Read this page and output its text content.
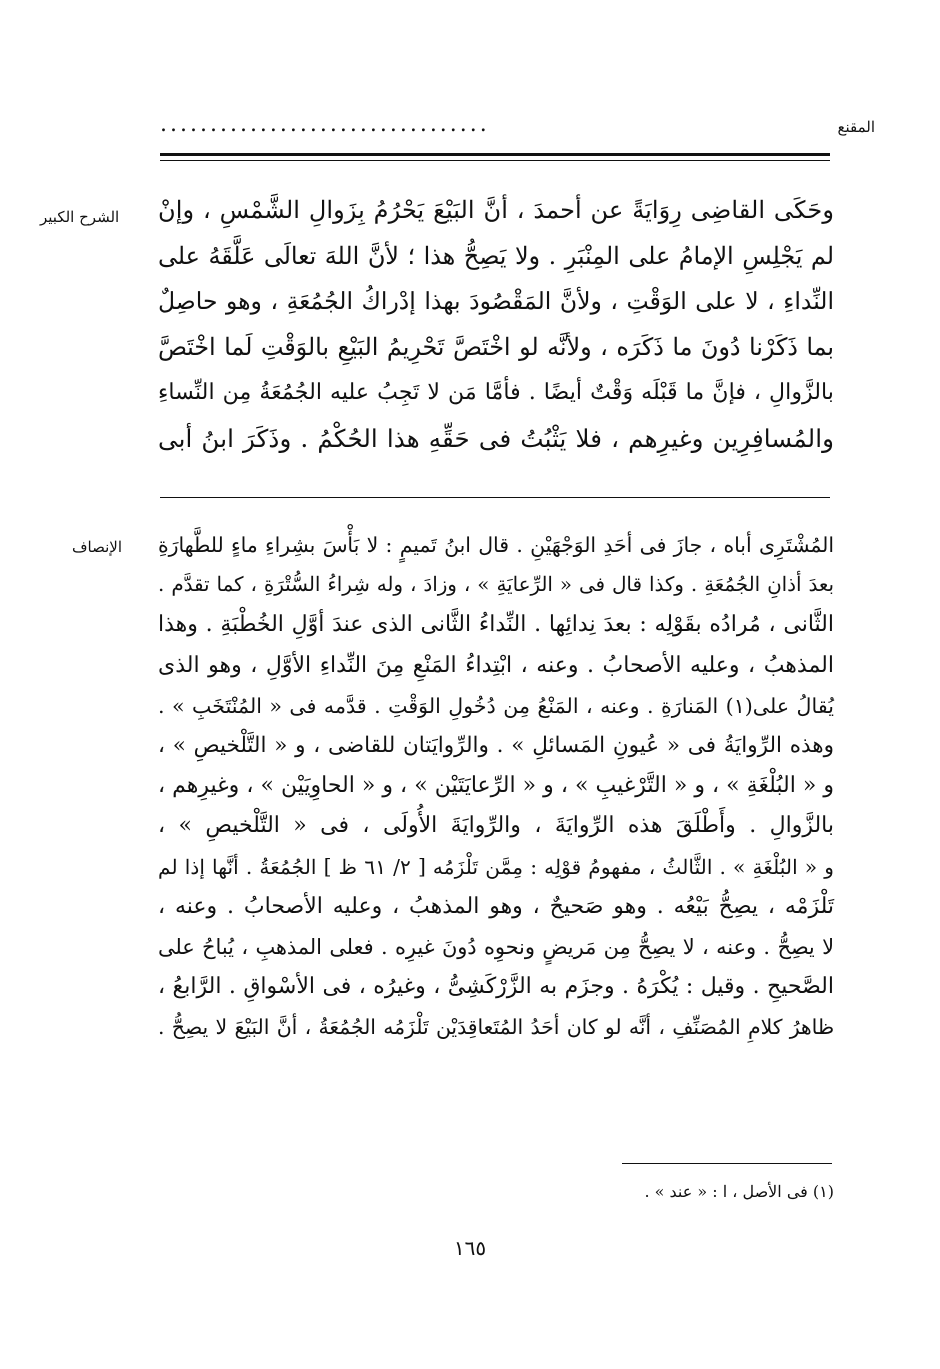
.................................	المقنع
الشرح الكبير وحَكَى القاضِى رِوَايَةً عن أحمدَ ، أنَّ البَيْعَ يَحْرُمُ بِزَوالِ الشَّمْسِ ، وإنْ
لم يَجْلِسِ الإمامُ على المِنْبَرِ . ولا يَصِحُّ هذا ؛ لأنَّ اللهَ تعالَى عَلَّقَهُ على
النِّداءِ ، لا على الوَقْتِ ، ولأنَّ المَقْصُودَ بهذا إدْراكُ الجُمُعَةِ ، وهو حاصِلٌ
بما ذَكَرْنا دُونَ ما ذَكَرَه ، ولأنَّه لو اخْتَصَّ تَحْرِيمُ البَيْعِ بالوَقْتِ لَما اخْتَصَّ
بالزَّوالِ ، فإنَّ ما قَبْلَه وَقْتٌ أيضًا . فأمَّا مَن لا تَجِبُ عليه الجُمُعَةُ مِن النِّساءِ
والمُسافِرِين وغيرِهم ، فلا يَثْبُتُ فى حَقِّهِ هذا الحُكْمُ . وذَكَرَ ابنُ أبى
الإنصاف المُشْتَرِى أباه ، جازَ فى أحَدِ الوَجْهَيْنِ . قال ابنُ تَميمٍ : لا بَأْسَ بشِراءِ ماءٍ للطَّهارَةِ
بعدَ أذانِ الجُمُعَةِ . وكذا قال فى « الرِّعايَةِ » ، وزادَ ، وله شِراءُ السُّتْرَةِ ، كما تقدَّم .
الثَّانى ، مُرادُه بقَوْلِه : بعدَ نِدائِها . النِّداءُ الثَّانى الذى عندَ أوَّلِ الخُطْبَةِ . وهذا
المذهبُ ، وعليه الأصحابُ . وعنه ، ابْتِداءُ المَنْعِ مِنَ النِّداءِ الأوَّلِ ، وهو الذى
يُقالُ على(١) المَنارَةِ . وعنه ، المَنْعُ مِن دُخُولِ الوَقْتِ . قدَّمه فى « المُنْتَخَبِ » .
وهذه الرِّوايَةُ فى « عُيونِ المَسائلِ » . والرِّوايَتان للقاضى ، و « التَّلْخيصِ » ،
و « البُلْغَةِ » ، و « التَّرْغيبِ » ، و « الرِّعايَتَيْن » ، و « الحاوِيَيْن » ، وغيرِهم ،
بالزَّوالِ . وأَطْلَقَ هذه الرِّوايَةَ ، والرِّوايَةَ الأُولَى ، فى « التَّلْخيصِ » ،
و « البُلْغَةِ » . الثَّالثُ ، مفهومُ قوْلِه : مِمَّن تَلْزَمُه [ ٢/ ٦١ ظ ] الجُمُعَةُ . أنَّها إذا لم
تَلْزَمْه ، يصِحُّ بَيْعُه . وهو صَحيحٌ ، وهو المذهبُ ، وعليه الأصحابُ . وعنه ،
لا يصِحُّ . وعنه ، لا يصِحُّ مِن مَريضٍ ونحوِه دُونَ غيرِه . فعلى المذهبِ ، يُباحُ على
الصَّحيحِ . وقيل : يُكْرَهُ . وجزَم به الزَّرْكَشِىُّ ، وغيرُه ، فى الأسْواقِ . الرَّابعُ ،
ظاهرُ كلامِ المُصَنِّفِ ، أنَّه لو كان أحَدُ المُتَعاقِدَيْن تَلْزَمُه الجُمُعَةُ ، أنَّ البَيْعَ لا يصِحُّ .
(١) فى الأصل ، ا : « عند » .
١٦٥
